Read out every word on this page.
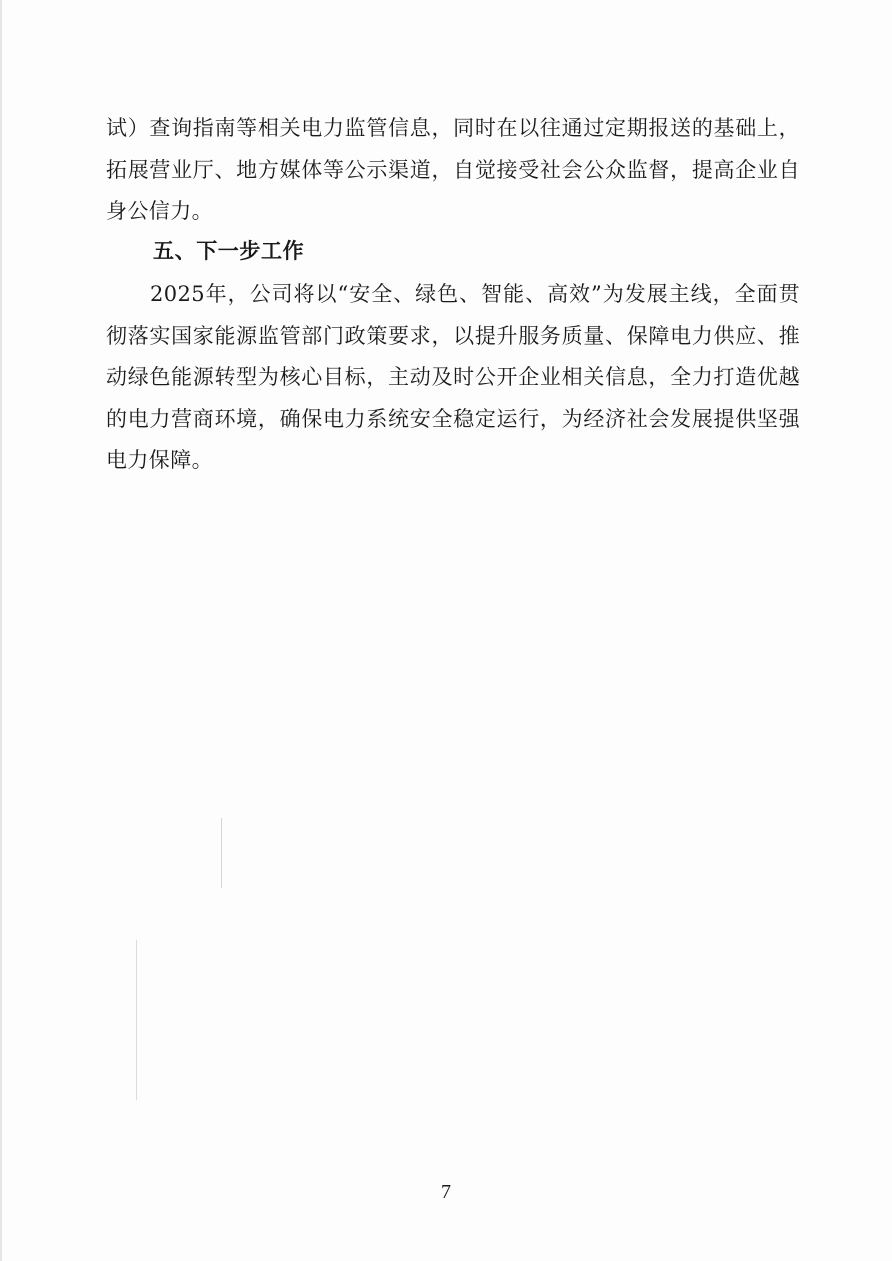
试）查询指南等相关电力监管信息，同时在以往通过定期报送的基础上，拓展营业厅、地方媒体等公示渠道，自觉接受社会公众监督，提高企业自身公信力。

五、下一步工作

2025年，公司将以“安全、绿色、智能、高效”为发展主线，全面贯彻落实国家能源监管部门政策要求，以提升服务质量、保障电力供应、推动绿色能源转型为核心目标，主动及时公开企业相关信息，全力打造优越的电力营商环境，确保电力系统安全稳定运行，为经济社会发展提供坚强电力保障。

7
